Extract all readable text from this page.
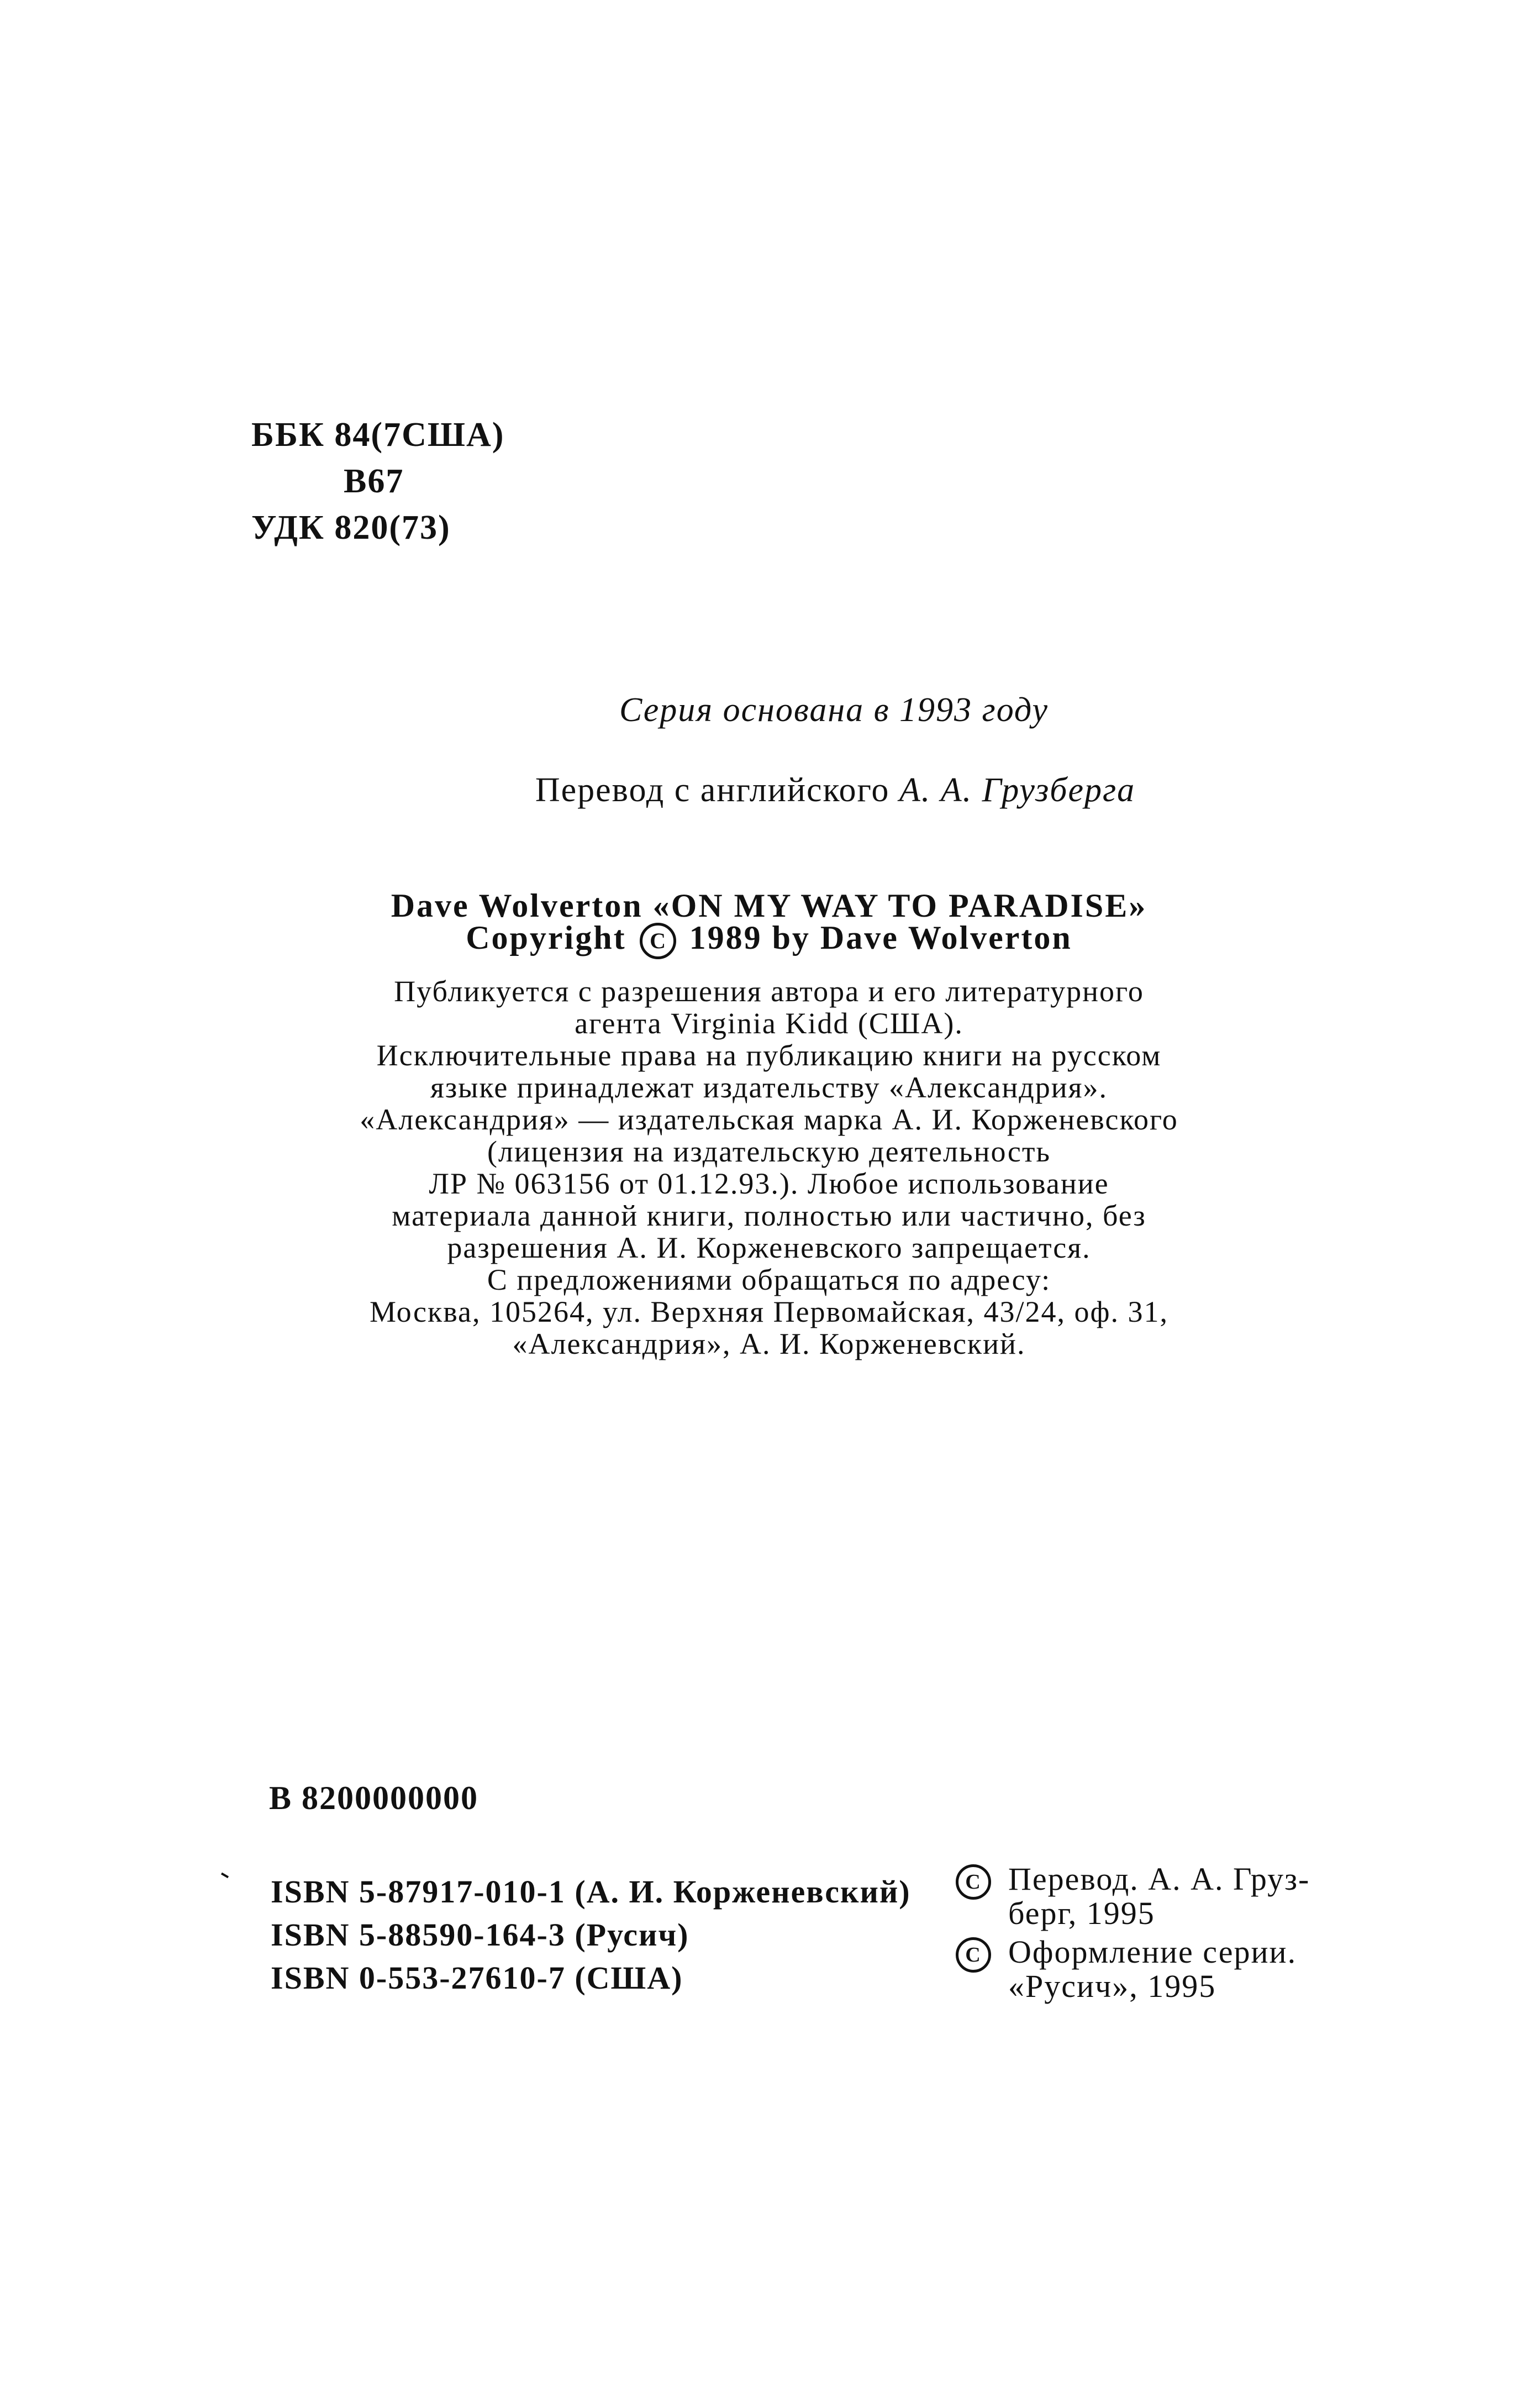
ББК 84(7США)
В67
УДК 820(73)
Серия основана в 1993 году
Перевод с английского А. А. Грузберга
Dave Wolverton «ON MY WAY TO PARADISE»
Copyright C 1989 by Dave Wolverton
Публикуется с разрешения автора и его литературного
агента Virginia Kidd (США).
Исключительные права на публикацию книги на русском
языке принадлежат издательству «Александрия».
«Александрия» — издательская марка А. И. Корженевского
(лицензия на издательскую деятельность
ЛР № 063156 от 01.12.93.). Любое использование
материала данной книги, полностью или частично, без
разрешения А. И. Корженевского запрещается.
С предложениями обращаться по адресу:
Москва, 105264, ул. Верхняя Первомайская, 43/24, оф. 31,
«Александрия», А. И. Корженевский.
В 8200000000
ISBN 5-87917-010-1 (А. И. Корженевский)
ISBN 5-88590-164-3 (Русич)
ISBN 0-553-27610-7 (США)
C Перевод. А. А. Груз-
берг, 1995
C Оформление серии.
«Русич», 1995
